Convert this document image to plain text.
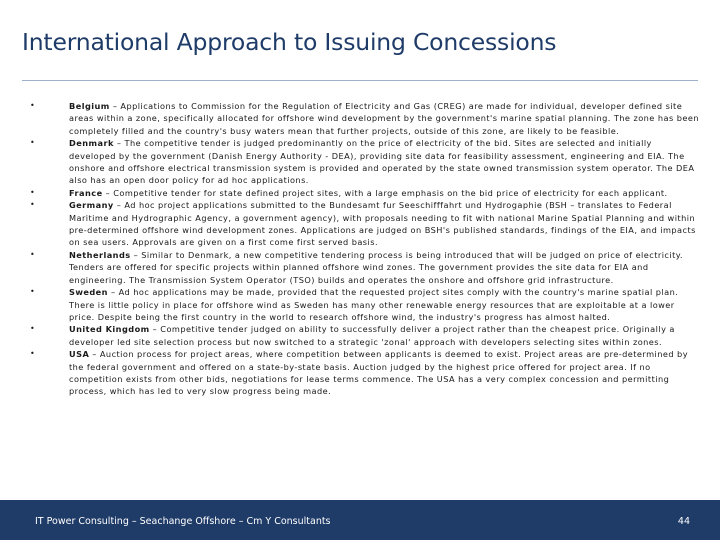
International Approach to Issuing Concessions
•	Belgium – Applications to Commission for the Regulation of Electricity and Gas (CREG) are made for individual, developer defined site areas within a zone, specifically allocated for offshore wind development by the government's marine spatial planning. The zone has been completely filled and the country's busy waters mean that further projects, outside of this zone, are likely to be feasible.
•	Denmark – The competitive tender is judged predominantly on the price of electricity of the bid. Sites are selected and initially developed by the government (Danish Energy Authority - DEA), providing site data for feasibility assessment, engineering and EIA. The onshore and offshore electrical transmission system is provided and operated by the state owned transmission system operator. The DEA also has an open door policy for ad hoc applications.
•	France – Competitive tender for state defined project sites, with a large emphasis on the bid price of electricity for each applicant.
•	Germany – Ad hoc project applications submitted to the Bundesamt fur Seeschifffahrt und Hydrogaphie (BSH – translates to Federal Maritime and Hydrographic Agency, a government agency), with proposals needing to fit with national Marine Spatial Planning and within pre-determined offshore wind development zones. Applications are judged on BSH's published standards, findings of the EIA, and impacts on sea users. Approvals are given on a first come first served basis.
•	Netherlands – Similar to Denmark, a new competitive tendering process is being introduced that will be judged on price of electricity. Tenders are offered for specific projects within planned offshore wind zones. The government provides the site data for EIA and engineering. The Transmission System Operator (TSO) builds and operates the onshore and offshore grid infrastructure.
•	Sweden – Ad hoc applications may be made, provided that the requested project sites comply with the country's marine spatial plan. There is little policy in place for offshore wind as Sweden has many other renewable energy resources that are exploitable at a lower price. Despite being the first country in the world to research offshore wind, the industry's progress has almost halted.
•	United Kingdom – Competitive tender judged on ability to successfully deliver a project rather than the cheapest price. Originally a developer led site selection process but now switched to a strategic 'zonal' approach with developers selecting sites within zones.
•	USA – Auction process for project areas, where competition between applicants is deemed to exist. Project areas are pre-determined by the federal government and offered on a state-by-state basis. Auction judged by the highest price offered for project area. If no competition exists from other bids, negotiations for lease terms commence. The USA has a very complex concession and permitting process, which has led to very slow progress being made.
IT Power Consulting – Seachange Offshore – Cm Y Consultants	44
